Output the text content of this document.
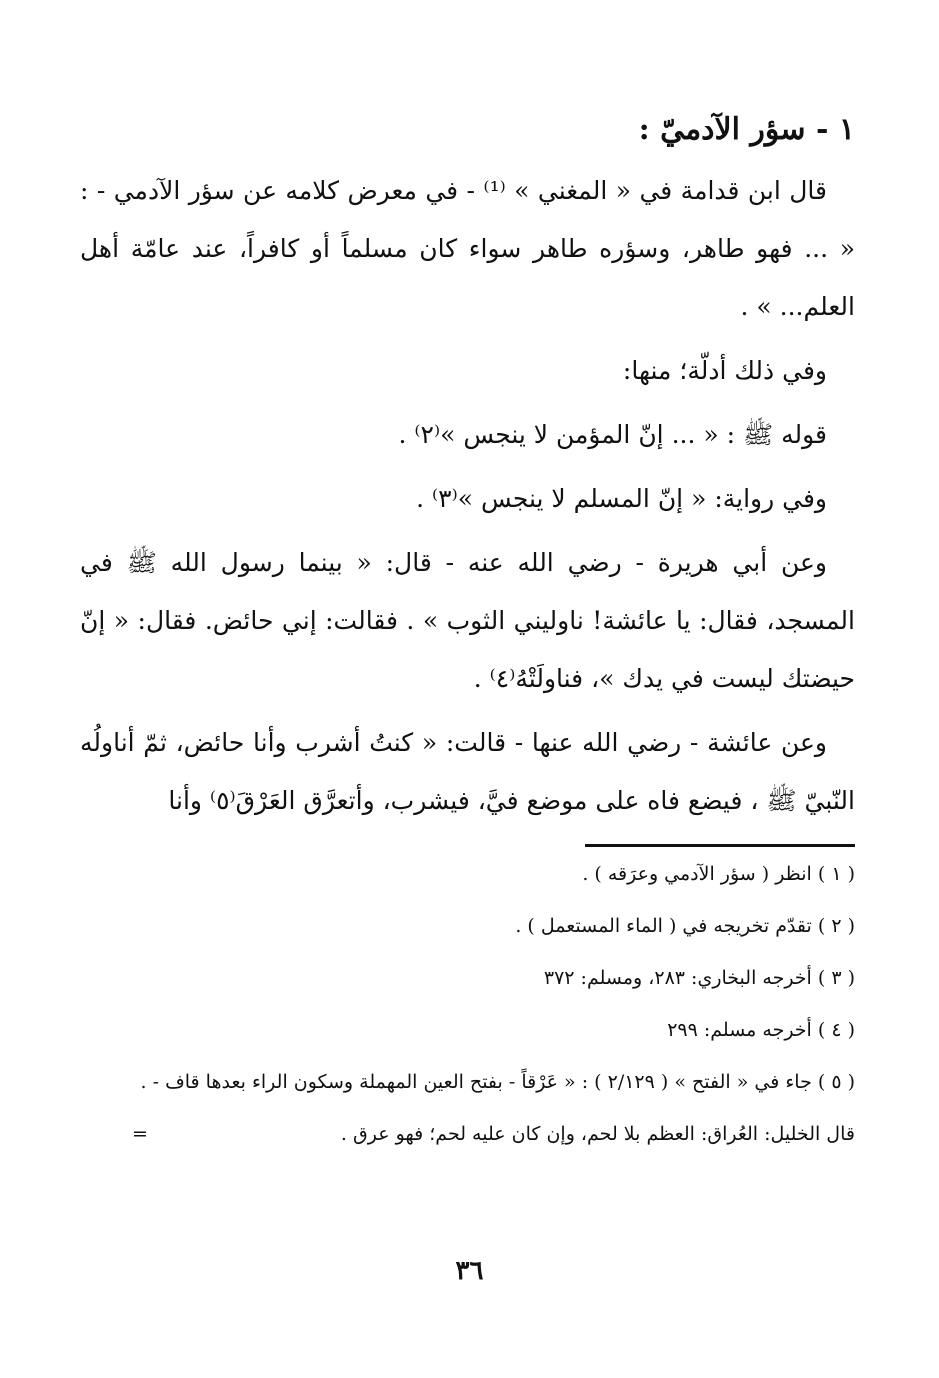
١ - سؤر الآدميّ :

قال ابن قدامة في « المغني » ⁽¹⁾ - في معرض كلامه عن سؤر الآدمي - : « ... فهو طاهر، وسؤره طاهر سواء كان مسلماً أو كافراً، عند عامّة أهل العلم... » .

وفي ذلك أدلّة؛ منها:

قوله ﷺ : « ... إنّ المؤمن لا ينجس »⁽٢⁾ .

وفي رواية: « إنّ المسلم لا ينجس »⁽٣⁾ .

وعن أبي هريرة - رضي الله عنه - قال: « بينما رسول الله ﷺ في المسجد، فقال: يا عائشة! ناوليني الثوب » . فقالت: إني حائض. فقال: « إنّ حيضتك ليست في يدك »، فناولَتْهُ⁽٤⁾ .

وعن عائشة - رضي الله عنها - قالت: « كنتُ أشرب وأنا حائض، ثمّ أناولُه النّبيّ ﷺ ، فيضع فاه على موضع فيَّ، فيشرب، وأتعرَّق العَرْقَ⁽٥⁾ وأنا

( ١ ) انظر ( سؤر الآدمي وعرَقه ) .

( ٢ ) تقدّم تخريجه في ( الماء المستعمل ) .

( ٣ ) أخرجه البخاري: ٢٨٣، ومسلم: ٣٧٢

( ٤ ) أخرجه مسلم: ٢٩٩

( ٥ ) جاء في « الفتح » ( ٢/١٢٩ ) : « عَرْقاً - بفتح العين المهملة وسكون الراء بعدها قاف - .

قال الخليل: العُراق: العظم بلا لحم، وإن كان عليه لحم؛ فهو عرق .
=

٣٦
